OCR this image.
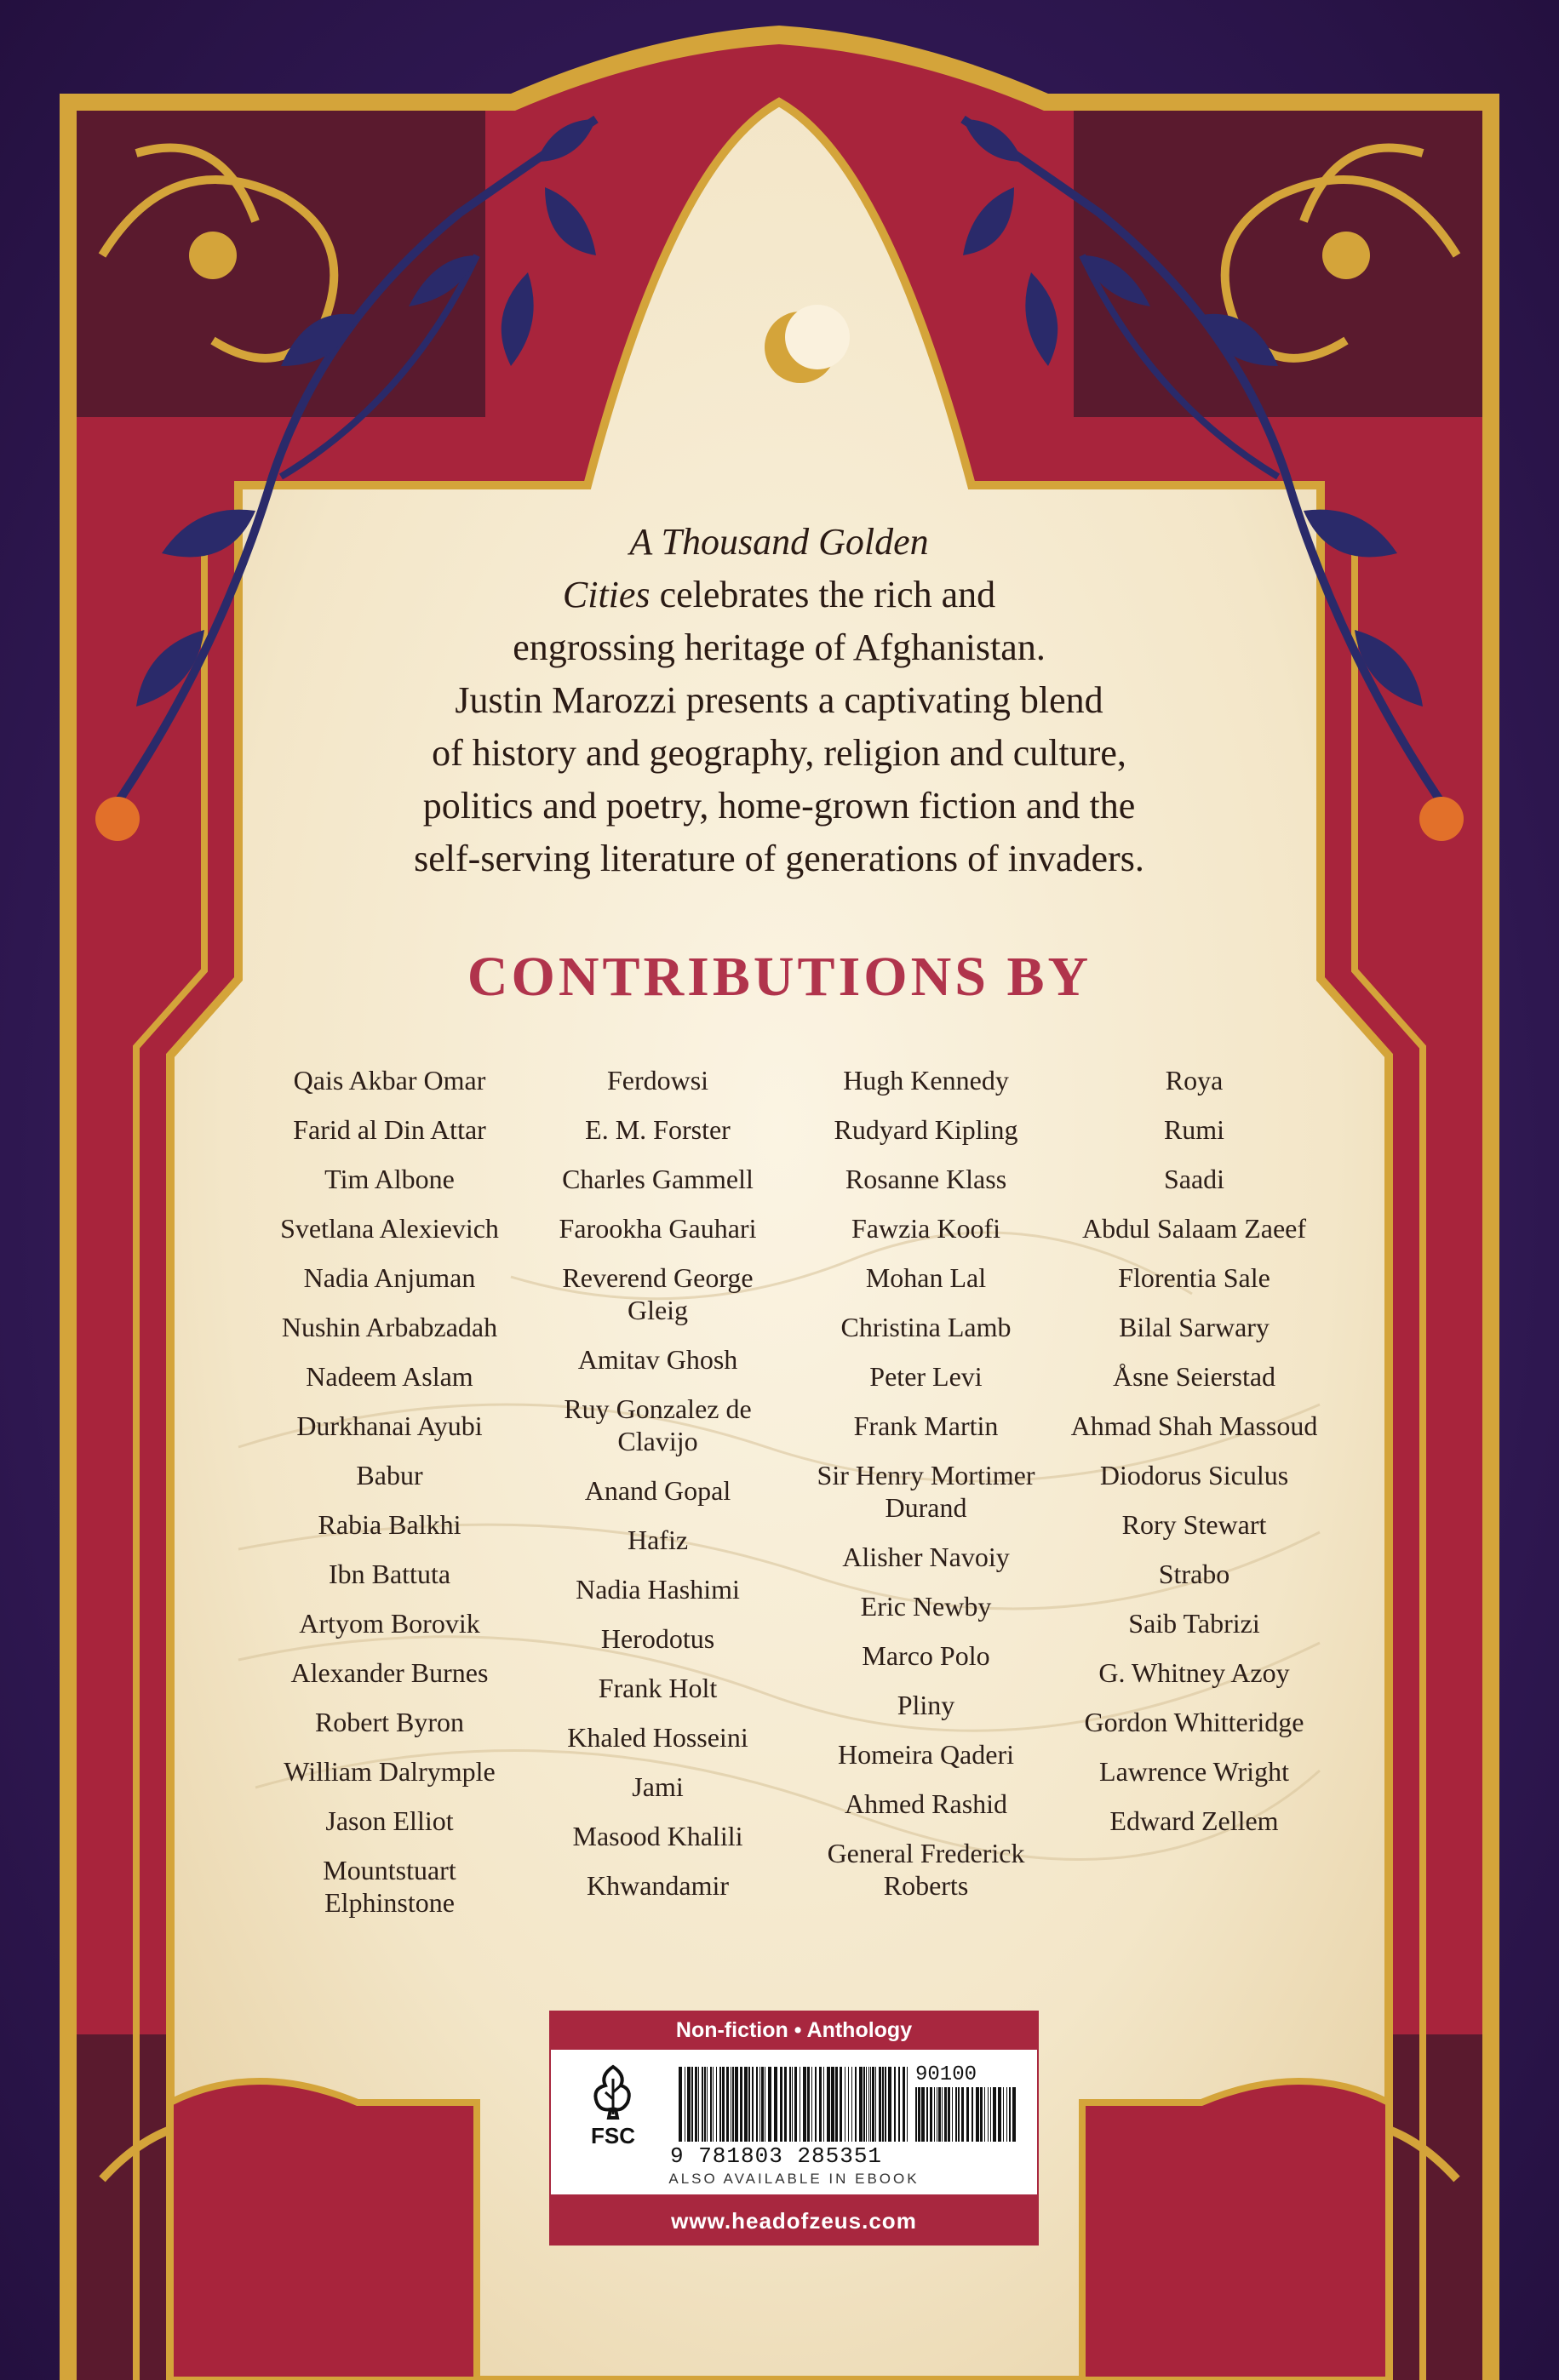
A Thousand Golden
Cities celebrates the rich and
engrossing heritage of Afghanistan.
Justin Marozzi presents a captivating blend
of history and geography, religion and culture,
politics and poetry, home-grown fiction and the
self-serving literature of generations of invaders.
CONTRIBUTIONS BY
Qais Akbar Omar
Farid al Din Attar
Tim Albone
Svetlana Alexievich
Nadia Anjuman
Nushin Arbabzadah
Nadeem Aslam
Durkhanai Ayubi
Babur
Rabia Balkhi
Ibn Battuta
Artyom Borovik
Alexander Burnes
Robert Byron
William Dalrymple
Jason Elliot
Mountstuart Elphinstone
Ferdowsi
E. M. Forster
Charles Gammell
Farookha Gauhari
Reverend George Gleig
Amitav Ghosh
Ruy Gonzalez de Clavijo
Anand Gopal
Hafiz
Nadia Hashimi
Herodotus
Frank Holt
Khaled Hosseini
Jami
Masood Khalili
Khwandamir
Hugh Kennedy
Rudyard Kipling
Rosanne Klass
Fawzia Koofi
Mohan Lal
Christina Lamb
Peter Levi
Frank Martin
Sir Henry Mortimer Durand
Alisher Navoiy
Eric Newby
Marco Polo
Pliny
Homeira Qaderi
Ahmed Rashid
General Frederick Roberts
Roya
Rumi
Saadi
Abdul Salaam Zaeef
Florentia Sale
Bilal Sarwary
Åsne Seierstad
Ahmad Shah Massoud
Diodorus Siculus
Rory Stewart
Strabo
Saib Tabrizi
G. Whitney Azoy
Gordon Whitteridge
Lawrence Wright
Edward Zellem
Non-fiction • Anthology
FSC
90100
9 781803 285351
ALSO AVAILABLE IN EBOOK
www.headofzeus.com
